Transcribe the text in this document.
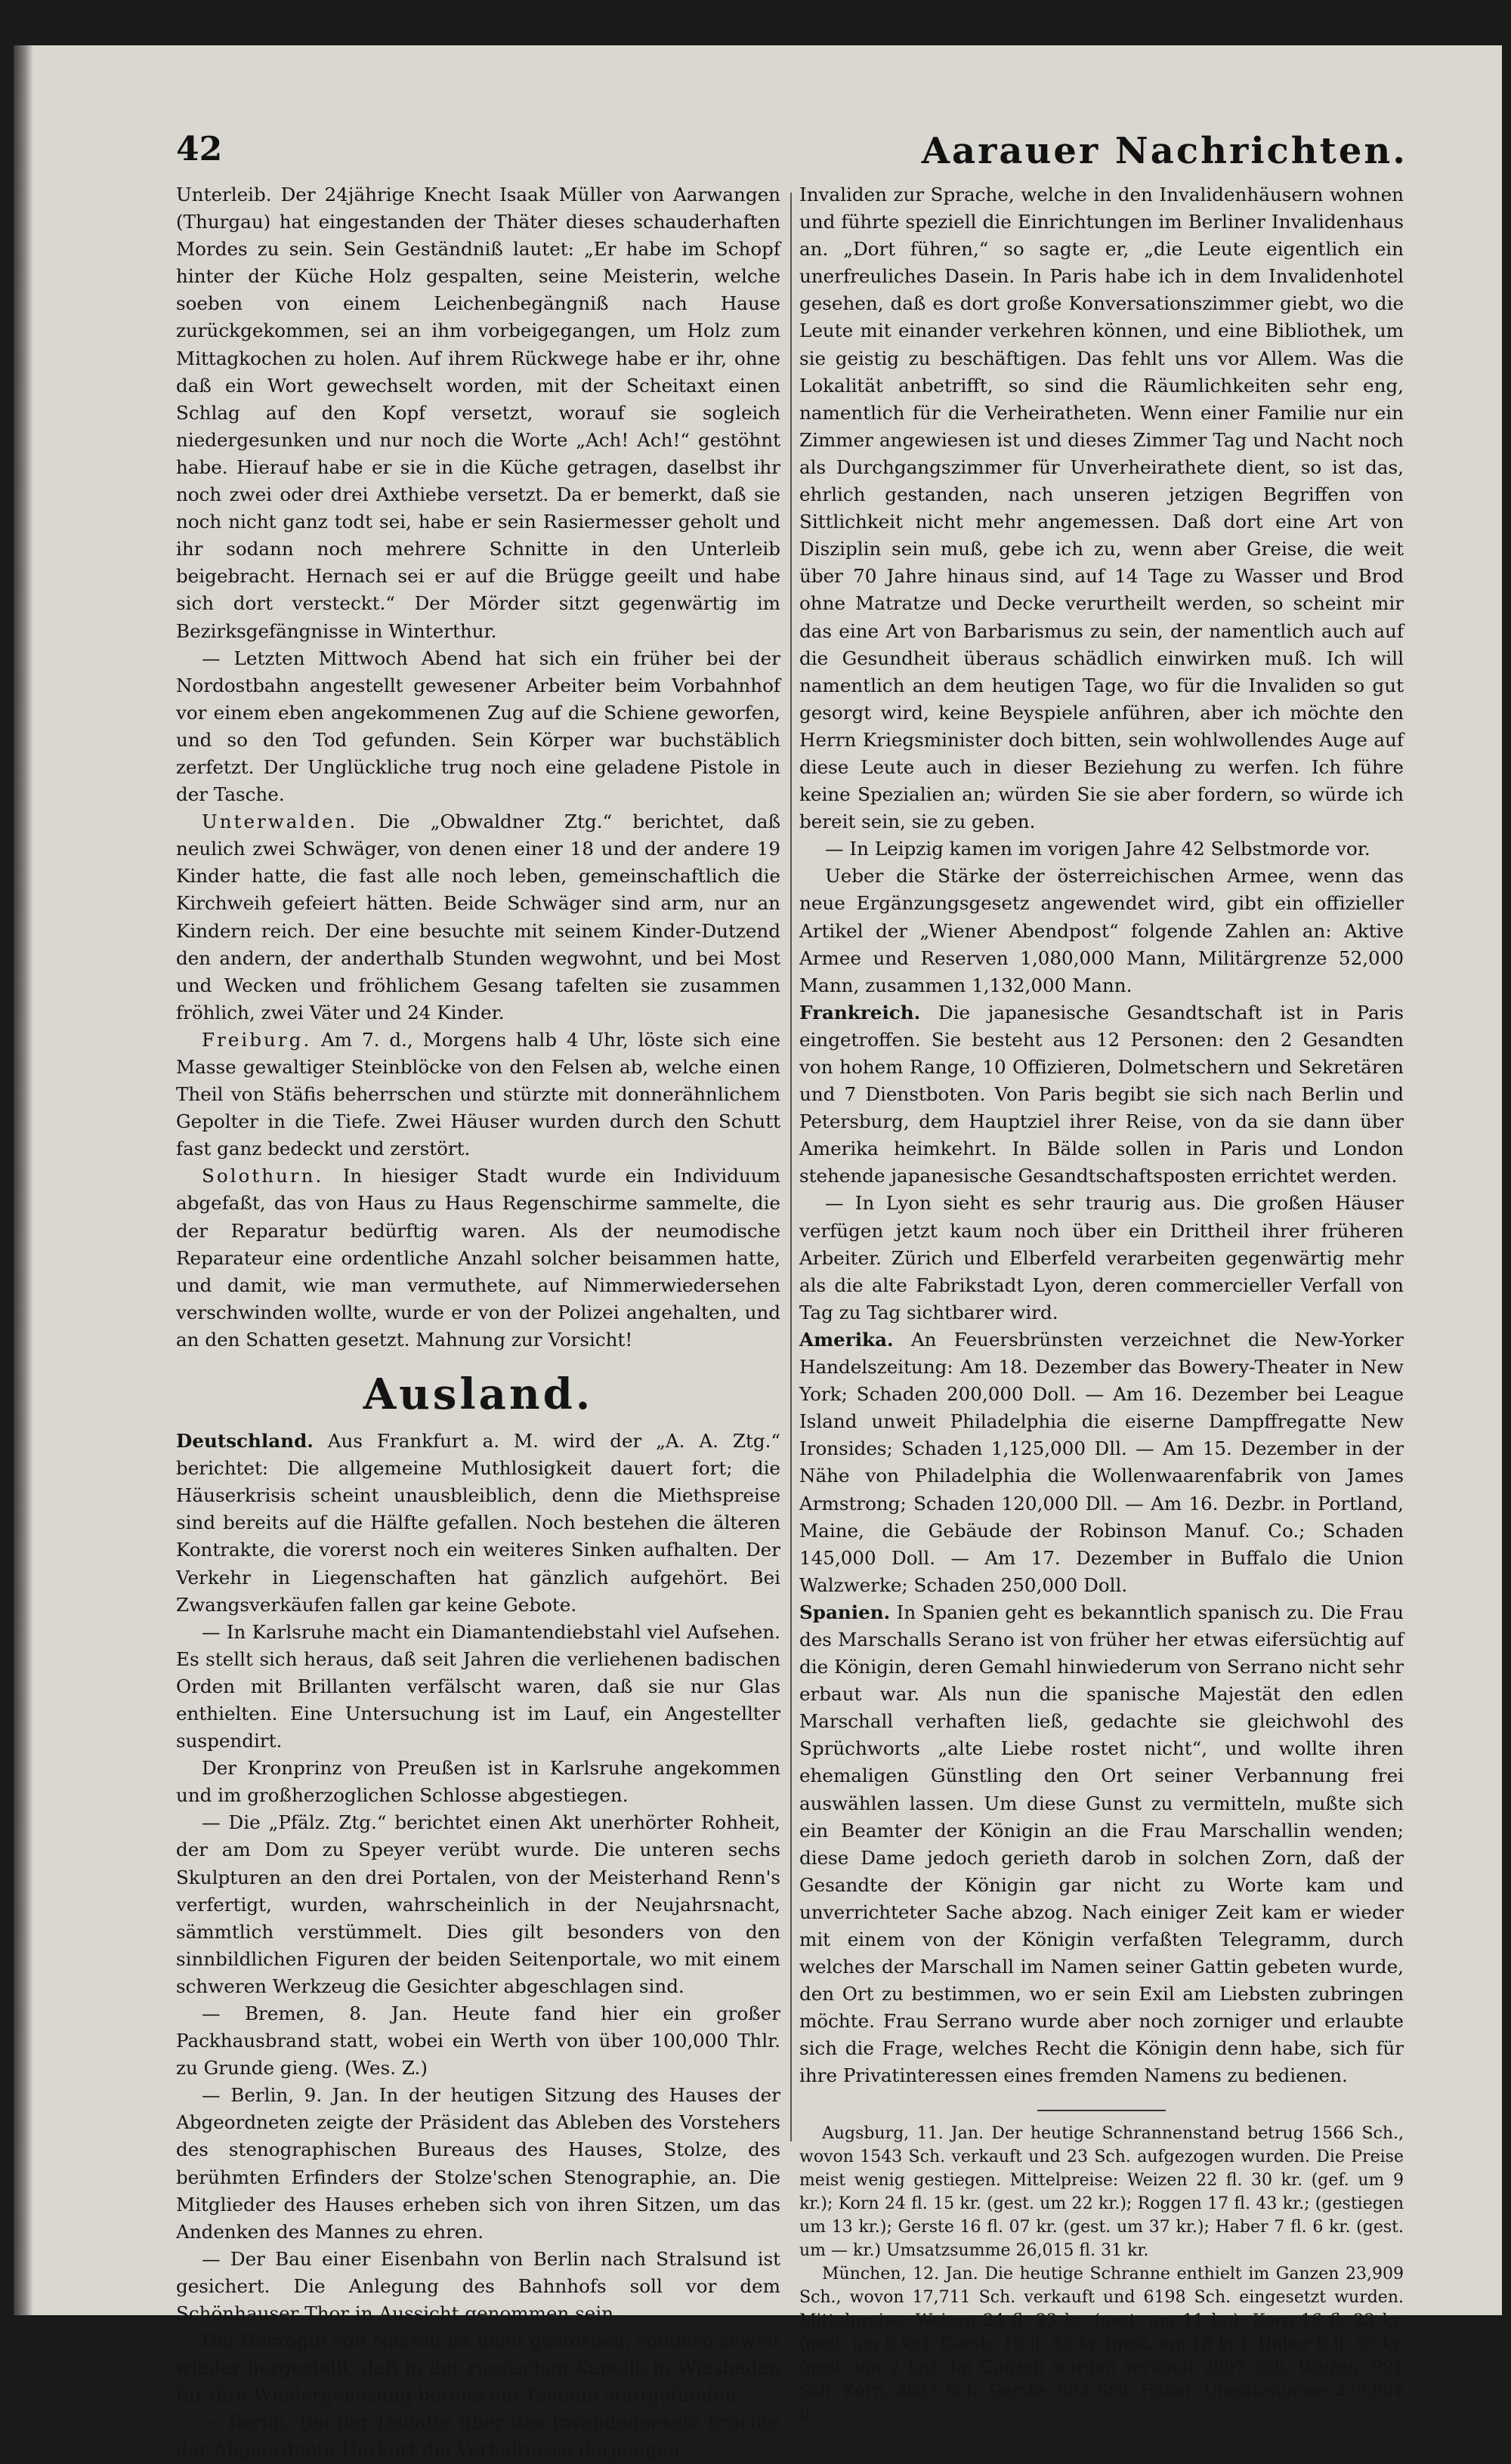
42	Aarauer Nachrichten.

Unterleib. Der 24jährige Knecht Isaak Müller von Aarwangen (Thurgau) hat eingestanden der Thäter dieses schauderhaften Mordes zu sein. Sein Geständniß lautet: „Er habe im Schopf hinter der Küche Holz gespalten, seine Meisterin, welche soeben von einem Leichenbegängniß nach Hause zurückgekommen, sei an ihm vorbeigegangen, um Holz zum Mittagkochen zu holen. Auf ihrem Rückwege habe er ihr, ohne daß ein Wort gewechselt worden, mit der Scheitaxt einen Schlag auf den Kopf versetzt, worauf sie sogleich niedergesunken und nur noch die Worte „Ach! Ach!“ gestöhnt habe. Hierauf habe er sie in die Küche getragen, daselbst ihr noch zwei oder drei Axthiebe versetzt. Da er bemerkt, daß sie noch nicht ganz todt sei, habe er sein Rasiermesser geholt und ihr sodann noch mehrere Schnitte in den Unterleib beigebracht. Hernach sei er auf die Brügge geeilt und habe sich dort versteckt.“ Der Mörder sitzt gegenwärtig im Bezirksgefängnisse in Winterthur.

— Letzten Mittwoch Abend hat sich ein früher bei der Nordostbahn angestellt gewesener Arbeiter beim Vorbahnhof vor einem eben angekommenen Zug auf die Schiene geworfen, und so den Tod gefunden. Sein Körper war buchstäblich zerfetzt. Der Unglückliche trug noch eine geladene Pistole in der Tasche.

Unterwalden. Die „Obwaldner Ztg.“ berichtet, daß neulich zwei Schwäger, von denen einer 18 und der andere 19 Kinder hatte, die fast alle noch leben, gemeinschaftlich die Kirchweih gefeiert hätten. Beide Schwäger sind arm, nur an Kindern reich. Der eine besuchte mit seinem Kinder-Dutzend den andern, der anderthalb Stunden wegwohnt, und bei Most und Wecken und fröhlichem Gesang tafelten sie zusammen fröhlich, zwei Väter und 24 Kinder.

Freiburg. Am 7. d., Morgens halb 4 Uhr, löste sich eine Masse gewaltiger Steinblöcke von den Felsen ab, welche einen Theil von Stäfis beherrschen und stürzte mit donnerähnlichem Gepolter in die Tiefe. Zwei Häuser wurden durch den Schutt fast ganz bedeckt und zerstört.

Solothurn. In hiesiger Stadt wurde ein Individuum abgefaßt, das von Haus zu Haus Regenschirme sammelte, die der Reparatur bedürftig waren. Als der neumodische Reparateur eine ordentliche Anzahl solcher beisammen hatte, und damit, wie man vermuthete, auf Nimmerwiedersehen verschwinden wollte, wurde er von der Polizei angehalten, und an den Schatten gesetzt. Mahnung zur Vorsicht!

Ausland.

Deutschland. Aus Frankfurt a. M. wird der „A. A. Ztg.“ berichtet: Die allgemeine Muthlosigkeit dauert fort; die Häuserkrisis scheint unausbleiblich, denn die Miethspreise sind bereits auf die Hälfte gefallen. Noch bestehen die älteren Kontrakte, die vorerst noch ein weiteres Sinken aufhalten. Der Verkehr in Liegenschaften hat gänzlich aufgehört. Bei Zwangsverkäufen fallen gar keine Gebote.

— In Karlsruhe macht ein Diamantendiebstahl viel Aufsehen. Es stellt sich heraus, daß seit Jahren die verliehenen badischen Orden mit Brillanten verfälscht waren, daß sie nur Glas enthielten. Eine Untersuchung ist im Lauf, ein Angestellter suspendirt.

Der Kronprinz von Preußen ist in Karlsruhe angekommen und im großherzoglichen Schlosse abgestiegen.

— Die „Pfälz. Ztg.“ berichtet einen Akt unerhörter Rohheit, der am Dom zu Speyer verübt wurde. Die unteren sechs Skulpturen an den drei Portalen, von der Meisterhand Renn's verfertigt, wurden, wahrscheinlich in der Neujahrsnacht, sämmtlich verstümmelt. Dies gilt besonders von den sinnbildlichen Figuren der beiden Seitenportale, wo mit einem schweren Werkzeug die Gesichter abgeschlagen sind.

— Bremen, 8. Jan. Heute fand hier ein großer Packhausbrand statt, wobei ein Werth von über 100,000 Thlr. zu Grunde gieng. (Wes. Z.)

— Berlin, 9. Jan. In der heutigen Sitzung des Hauses der Abgeordneten zeigte der Präsident das Ableben des Vorstehers des stenographischen Bureaus des Hauses, Stolze, des berühmten Erfinders der Stolze'schen Stenographie, an. Die Mitglieder des Hauses erheben sich von ihren Sitzen, um das Andenken des Mannes zu ehren.

— Der Bau einer Eisenbahn von Berlin nach Stralsund ist gesichert. Die Anlegung des Bahnhofs soll vor dem Schönhauser Thor in Aussicht genommen sein.

Die Herzogin von Nassau ist nicht gestorben, sondern soweit wieder hergestellt, daß in der russischen Kapelle in Wiesbaden für ihre Wiedergenesung bereits ein Tedeum stattgefunden.

— Berlin. Bei der Debatte über das Invalidengesetz brachte der Abgeordnete Harkort die Verhältnisse derjenigen

Invaliden zur Sprache, welche in den Invalidenhäusern wohnen und führte speziell die Einrichtungen im Berliner Invalidenhaus an. „Dort führen,“ so sagte er, „die Leute eigentlich ein unerfreuliches Dasein. In Paris habe ich in dem Invalidenhotel gesehen, daß es dort große Konversationszimmer giebt, wo die Leute mit einander verkehren können, und eine Bibliothek, um sie geistig zu beschäftigen. Das fehlt uns vor Allem. Was die Lokalität anbetrifft, so sind die Räumlichkeiten sehr eng, namentlich für die Verheiratheten. Wenn einer Familie nur ein Zimmer angewiesen ist und dieses Zimmer Tag und Nacht noch als Durchgangszimmer für Unverheirathete dient, so ist das, ehrlich gestanden, nach unseren jetzigen Begriffen von Sittlichkeit nicht mehr angemessen. Daß dort eine Art von Disziplin sein muß, gebe ich zu, wenn aber Greise, die weit über 70 Jahre hinaus sind, auf 14 Tage zu Wasser und Brod ohne Matratze und Decke verurtheilt werden, so scheint mir das eine Art von Barbarismus zu sein, der namentlich auch auf die Gesundheit überaus schädlich einwirken muß. Ich will namentlich an dem heutigen Tage, wo für die Invaliden so gut gesorgt wird, keine Beyspiele anführen, aber ich möchte den Herrn Kriegsminister doch bitten, sein wohlwollendes Auge auf diese Leute auch in dieser Beziehung zu werfen. Ich führe keine Spezialien an; würden Sie sie aber fordern, so würde ich bereit sein, sie zu geben.

— In Leipzig kamen im vorigen Jahre 42 Selbstmorde vor.

Ueber die Stärke der österreichischen Armee, wenn das neue Ergänzungsgesetz angewendet wird, gibt ein offizieller Artikel der „Wiener Abendpost“ folgende Zahlen an: Aktive Armee und Reserven 1,080,000 Mann, Militärgrenze 52,000 Mann, zusammen 1,132,000 Mann.

Frankreich. Die japanesische Gesandtschaft ist in Paris eingetroffen. Sie besteht aus 12 Personen: den 2 Gesandten von hohem Range, 10 Offizieren, Dolmetschern und Sekretären und 7 Dienstboten. Von Paris begibt sie sich nach Berlin und Petersburg, dem Hauptziel ihrer Reise, von da sie dann über Amerika heimkehrt. In Bälde sollen in Paris und London stehende japanesische Gesandtschaftsposten errichtet werden.

— In Lyon sieht es sehr traurig aus. Die großen Häuser verfügen jetzt kaum noch über ein Drittheil ihrer früheren Arbeiter. Zürich und Elberfeld verarbeiten gegenwärtig mehr als die alte Fabrikstadt Lyon, deren commercieller Verfall von Tag zu Tag sichtbarer wird.

Amerika. An Feuersbrünsten verzeichnet die New-Yorker Handelszeitung: Am 18. Dezember das Bowery-Theater in New York; Schaden 200,000 Doll. — Am 16. Dezember bei League Island unweit Philadelphia die eiserne Dampffregatte New Ironsides; Schaden 1,125,000 Dll. — Am 15. Dezember in der Nähe von Philadelphia die Wollenwaarenfabrik von James Armstrong; Schaden 120,000 Dll. — Am 16. Dezbr. in Portland, Maine, die Gebäude der Robinson Manuf. Co.; Schaden 145,000 Doll. — Am 17. Dezember in Buffalo die Union Walzwerke; Schaden 250,000 Doll.

Spanien. In Spanien geht es bekanntlich spanisch zu. Die Frau des Marschalls Serano ist von früher her etwas eifersüchtig auf die Königin, deren Gemahl hinwiederum von Serrano nicht sehr erbaut war. Als nun die spanische Majestät den edlen Marschall verhaften ließ, gedachte sie gleichwohl des Sprüchworts „alte Liebe rostet nicht“, und wollte ihren ehemaligen Günstling den Ort seiner Verbannung frei auswählen lassen. Um diese Gunst zu vermitteln, mußte sich ein Beamter der Königin an die Frau Marschallin wenden; diese Dame jedoch gerieth darob in solchen Zorn, daß der Gesandte der Königin gar nicht zu Worte kam und unverrichteter Sache abzog. Nach einiger Zeit kam er wieder mit einem von der Königin verfaßten Telegramm, durch welches der Marschall im Namen seiner Gattin gebeten wurde, den Ort zu bestimmen, wo er sein Exil am Liebsten zubringen möchte. Frau Serrano wurde aber noch zorniger und erlaubte sich die Frage, welches Recht die Königin denn habe, sich für ihre Privatinteressen eines fremden Namens zu bedienen.

Augsburg, 11. Jan. Der heutige Schrannenstand betrug 1566 Sch., wovon 1543 Sch. verkauft und 23 Sch. aufgezogen wurden. Die Preise meist wenig gestiegen. Mittelpreise: Weizen 22 fl. 30 kr. (gef. um 9 kr.); Korn 24 fl. 15 kr. (gest. um 22 kr.); Roggen 17 fl. 43 kr.; (gestiegen um 13 kr.); Gerste 16 fl. 07 kr. (gest. um 37 kr.); Haber 7 fl. 6 kr. (gest. um — kr.) Umsatzsumme 26,015 fl. 31 kr.

München, 12. Jan. Die heutige Schranne enthielt im Ganzen 23,909 Sch., wovon 17,711 Sch. verkauft und 6198 Sch. eingesetzt wurden. Mittelpreise: Weizen 24 fl. 23 kr. (gest. um 11 kr.); Korn 16 fl. 23 kr. (gest. um 6 kr.); Gerste 15 fl. 53 kr. (gest. um 18 kr.); Haber 6 fl. 57 kr. (gest. um 2 kr.). Im Ganzen wurden verkauft 2067 Sch. Weizen, 991 Sch. Korn, 2637 Sch. Gerste, 503 Sch. Haber. Umsatzsumme 276,804 fl.
